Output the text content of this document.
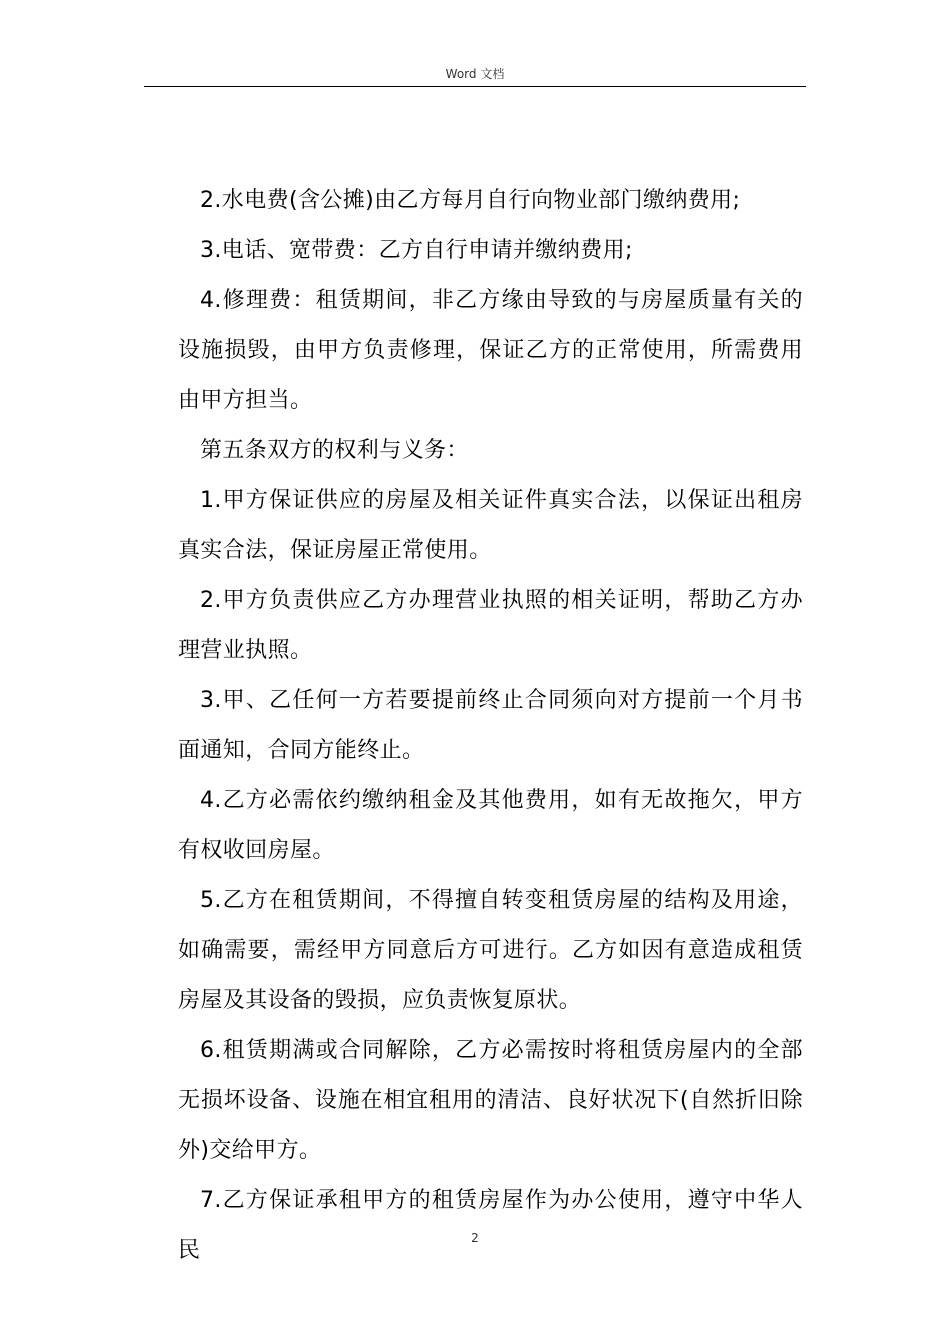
Word 文档

2.水电费(含公摊)由乙方每月自行向物业部门缴纳费用;

3.电话、宽带费：乙方自行申请并缴纳费用;

4.修理费：租赁期间，非乙方缘由导致的与房屋质量有关的设施损毁，由甲方负责修理，保证乙方的正常使用，所需费用由甲方担当。

第五条双方的权利与义务：

1.甲方保证供应的房屋及相关证件真实合法，以保证出租房真实合法，保证房屋正常使用。

2.甲方负责供应乙方办理营业执照的相关证明，帮助乙方办理营业执照。

3.甲、乙任何一方若要提前终止合同须向对方提前一个月书面通知，合同方能终止。

4.乙方必需依约缴纳租金及其他费用，如有无故拖欠，甲方有权收回房屋。

5.乙方在租赁期间，不得擅自转变租赁房屋的结构及用途，如确需要，需经甲方同意后方可进行。乙方如因有意造成租赁房屋及其设备的毁损，应负责恢复原状。

6.租赁期满或合同解除，乙方必需按时将租赁房屋内的全部无损坏设备、设施在相宜租用的清洁、良好状况下(自然折旧除外)交给甲方。

7.乙方保证承租甲方的租赁房屋作为办公使用，遵守中华人民	2
